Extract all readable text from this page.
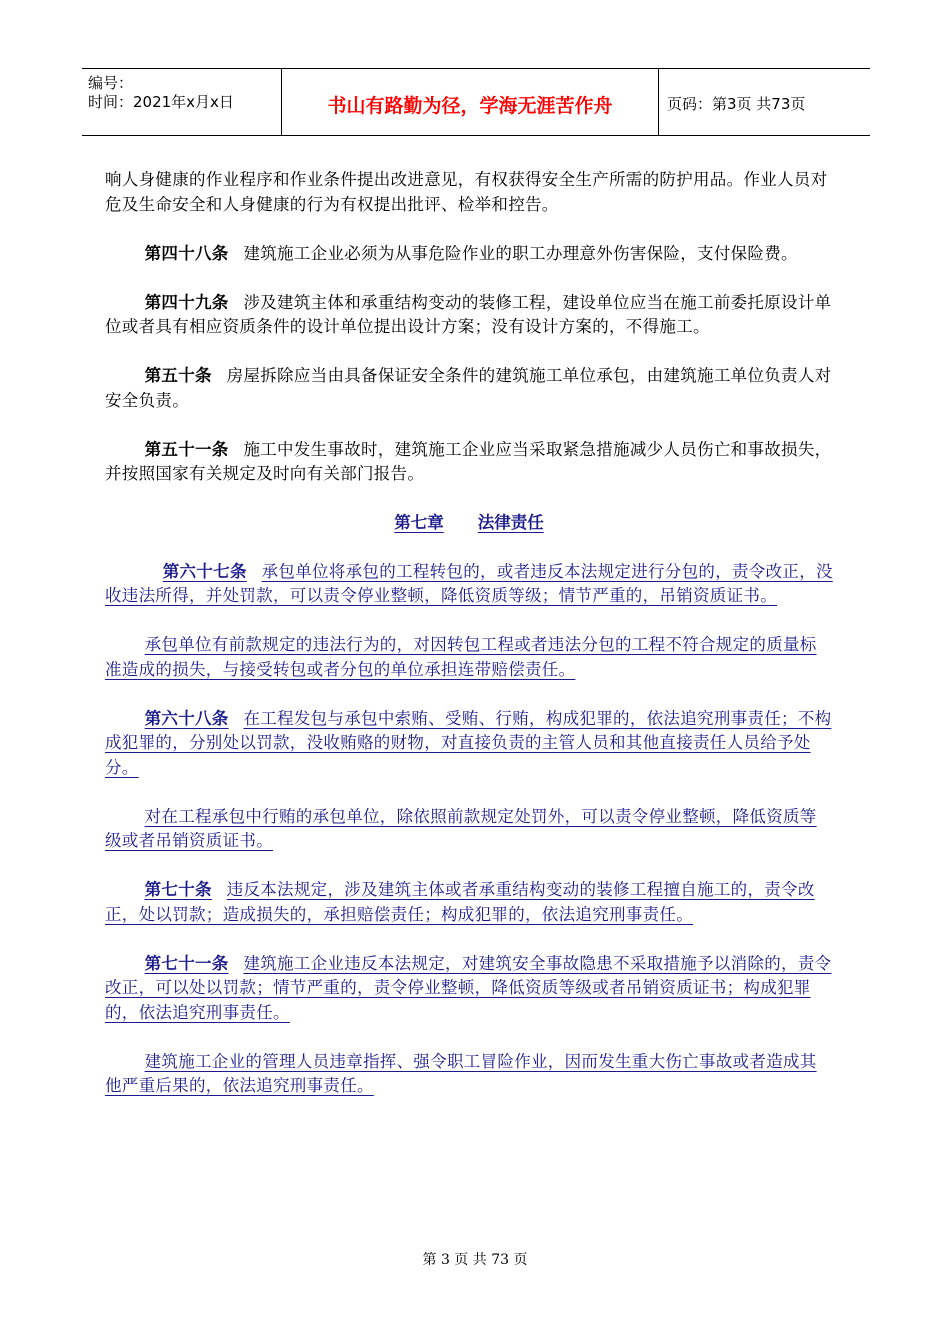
编号：
时间：2021年x月x日	书山有路勤为径，学海无涯苦作舟	页码：第3页 共73页

响人身健康的作业程序和作业条件提出改进意见，有权获得安全生产所需的防护用品。作业人员对危及生命安全和人身健康的行为有权提出批评、检举和控告。

第四十八条 建筑施工企业必须为从事危险作业的职工办理意外伤害保险，支付保险费。

第四十九条 涉及建筑主体和承重结构变动的装修工程，建设单位应当在施工前委托原设计单位或者具有相应资质条件的设计单位提出设计方案；没有设计方案的，不得施工。

第五十条 房屋拆除应当由具备保证安全条件的建筑施工单位承包，由建筑施工单位负责人对安全负责。

第五十一条 施工中发生事故时，建筑施工企业应当采取紧急措施减少人员伤亡和事故损失，并按照国家有关规定及时向有关部门报告。

第七章 法律责任

第六十七条 承包单位将承包的工程转包的，或者违反本法规定进行分包的，责令改正，没收违法所得，并处罚款，可以责令停业整顿，降低资质等级；情节严重的，吊销资质证书。

承包单位有前款规定的违法行为的，对因转包工程或者违法分包的工程不符合规定的质量标准造成的损失，与接受转包或者分包的单位承担连带赔偿责任。

第六十八条 在工程发包与承包中索贿、受贿、行贿，构成犯罪的，依法追究刑事责任；不构成犯罪的，分别处以罚款，没收贿赂的财物，对直接负责的主管人员和其他直接责任人员给予处分。

对在工程承包中行贿的承包单位，除依照前款规定处罚外，可以责令停业整顿，降低资质等级或者吊销资质证书。

第七十条 违反本法规定，涉及建筑主体或者承重结构变动的装修工程擅自施工的，责令改正，处以罚款；造成损失的，承担赔偿责任；构成犯罪的，依法追究刑事责任。

第七十一条 建筑施工企业违反本法规定，对建筑安全事故隐患不采取措施予以消除的，责令改正，可以处以罚款；情节严重的，责令停业整顿，降低资质等级或者吊销资质证书；构成犯罪的，依法追究刑事责任。

建筑施工企业的管理人员违章指挥、强令职工冒险作业，因而发生重大伤亡事故或者造成其他严重后果的，依法追究刑事责任。

第 3 页 共 73 页
